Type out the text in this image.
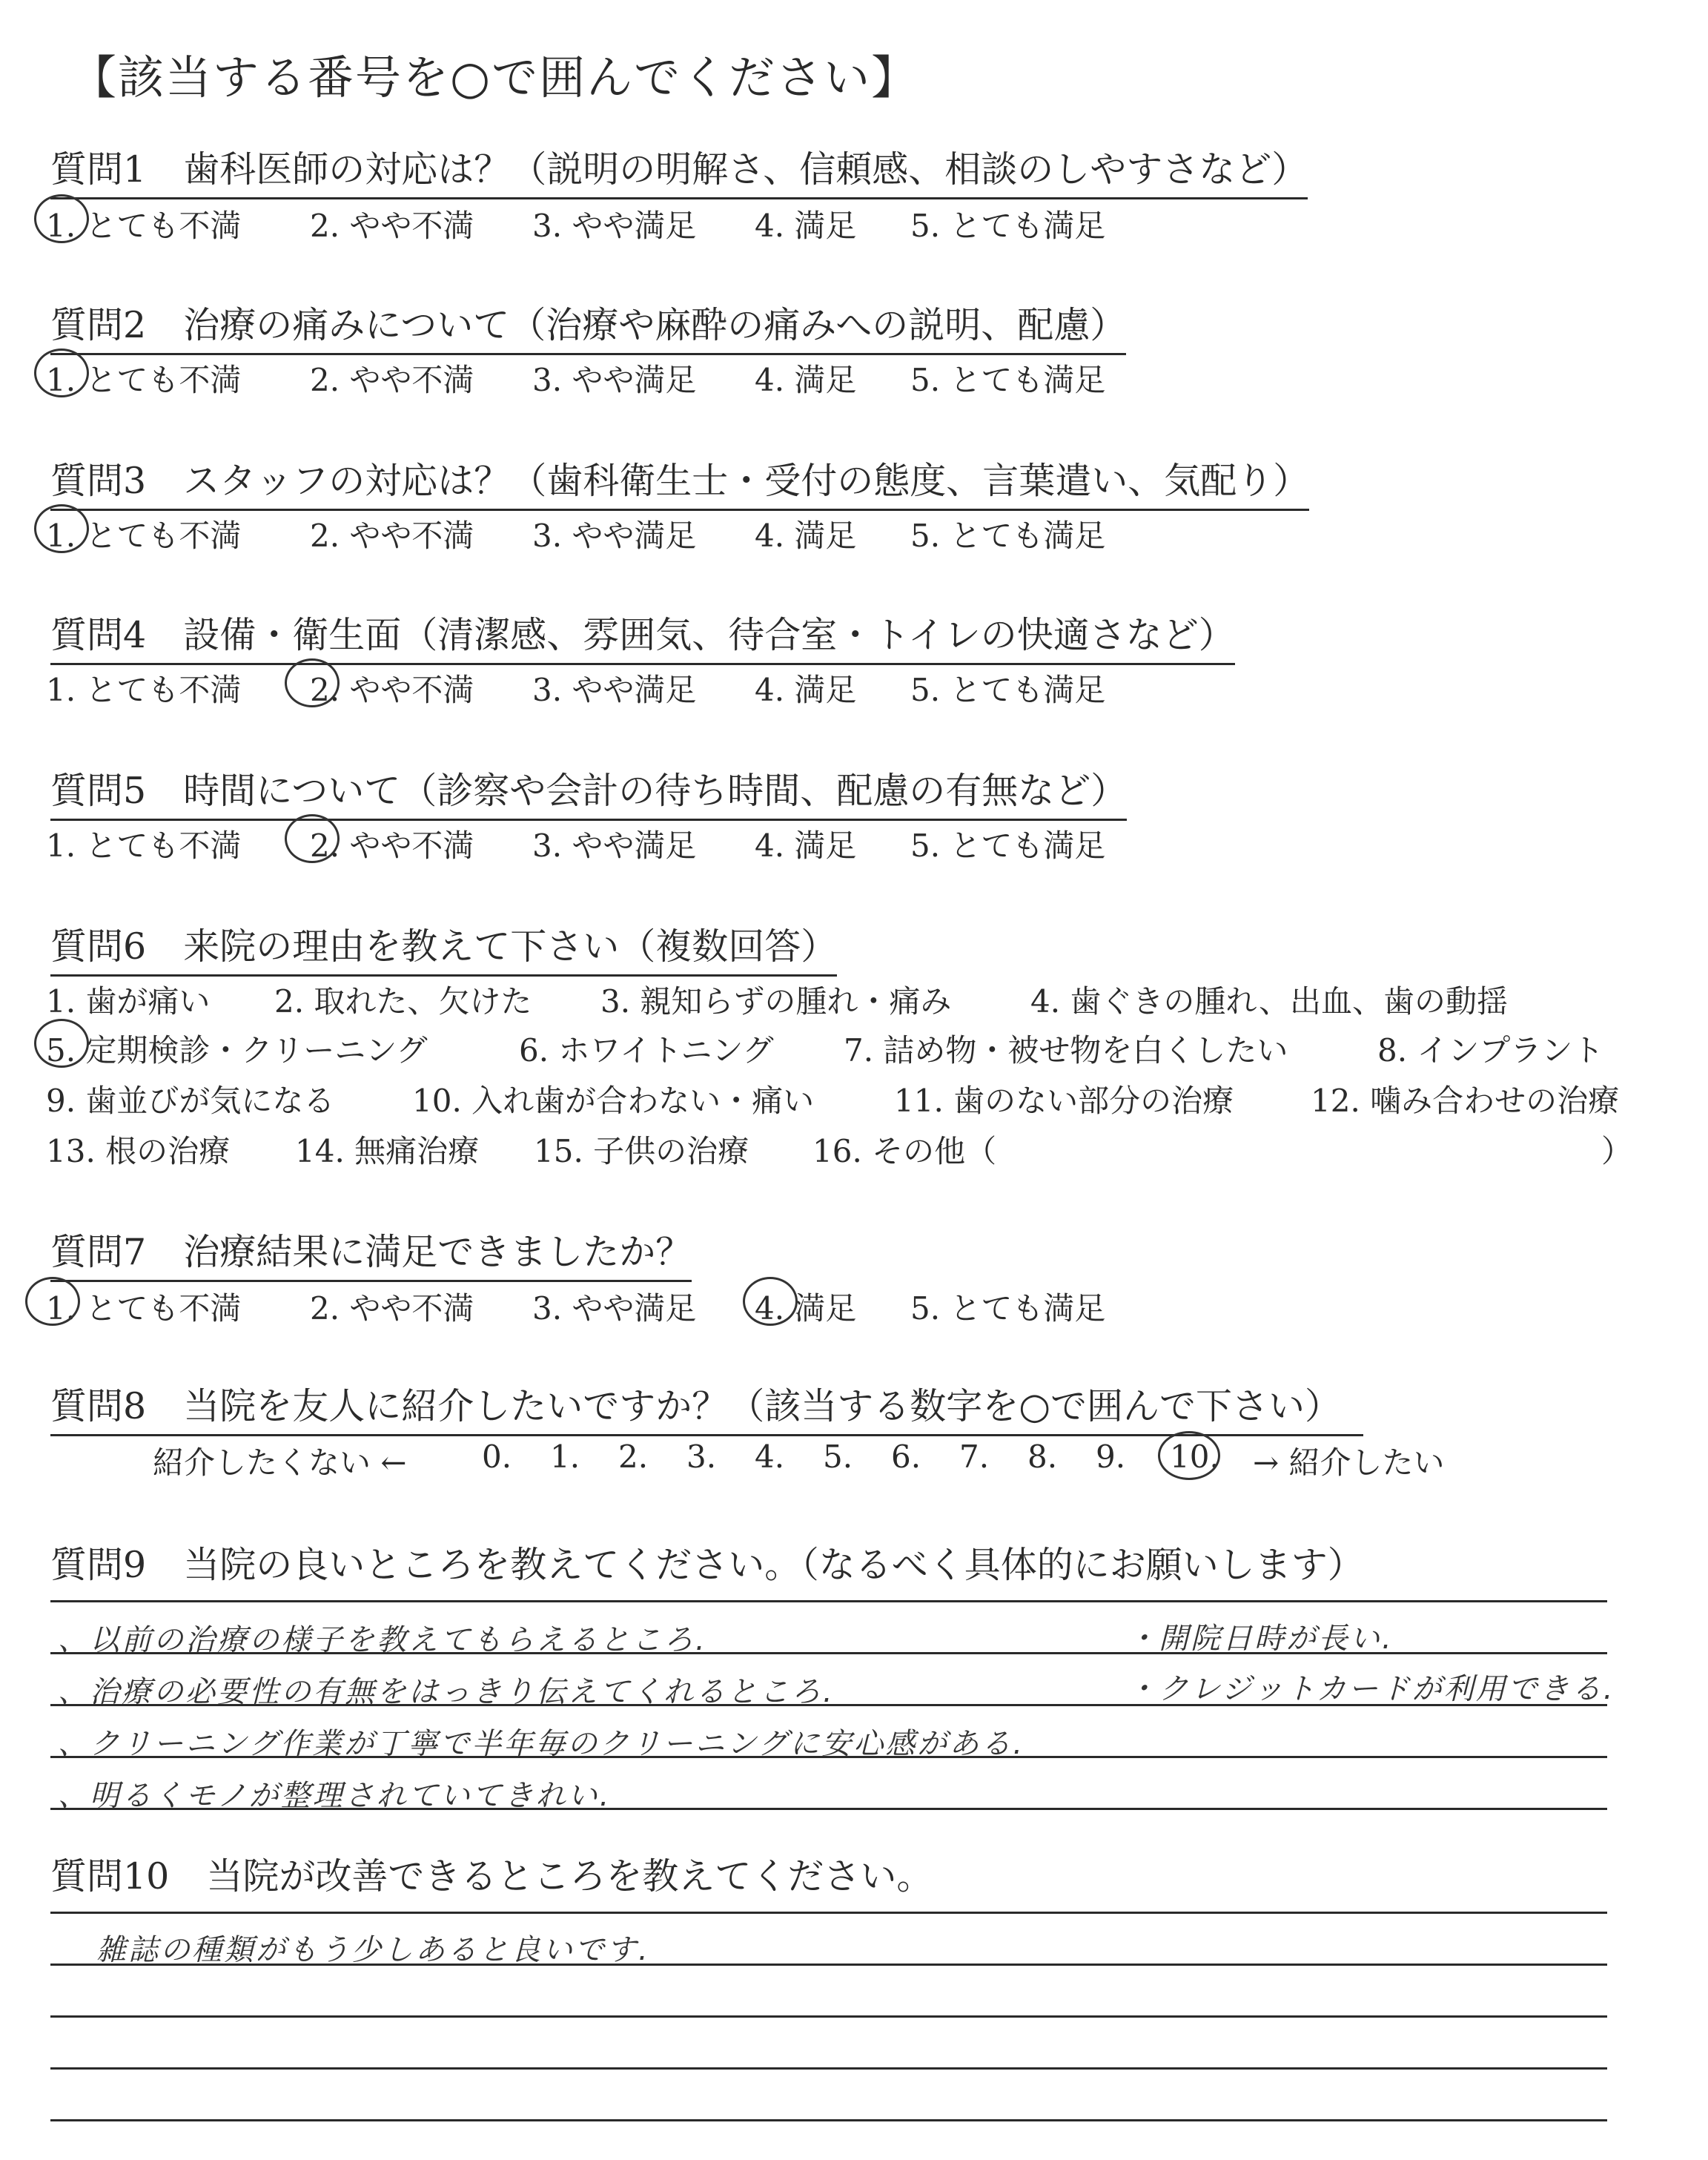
【該当する番号を○で囲んでください】
質問1 歯科医師の対応は？（説明の明解さ、信頼感、相談のしやすさなど）
1. とても不満 2. やや不満 3. やや満足 4. 満足 5. とても満足
質問2 治療の痛みについて（治療や麻酔の痛みへの説明、配慮）
1. とても不満 2. やや不満 3. やや満足 4. 満足 5. とても満足
質問3 スタッフの対応は？（歯科衛生士・受付の態度、言葉遣い、気配り）
1. とても不満 2. やや不満 3. やや満足 4. 満足 5. とても満足
質問4 設備・衛生面（清潔感、雰囲気、待合室・トイレの快適さなど）
1. とても不満 2. やや不満 3. やや満足 4. 満足 5. とても満足
質問5 時間について（診察や会計の待ち時間、配慮の有無など）
1. とても不満 2. やや不満 3. やや満足 4. 満足 5. とても満足
質問6 来院の理由を教えて下さい（複数回答）
1. 歯が痛い 2. 取れた、欠けた 3. 親知らずの腫れ・痛み	4. 歯ぐきの腫れ、出血、歯の動揺
5. 定期検診・クリーニング	6. ホワイトニング 7. 詰め物・被せ物を白くしたい	8. インプラント
9. 歯並びが気になる 10. 入れ歯が合わない・痛い	11. 歯のない部分の治療 12. 噛み合わせの治療
13. 根の治療 14. 無痛治療 15. 子供の治療 16. その他（	）
質問7 治療結果に満足できましたか？
1. とても不満 2. やや不満 3. やや満足 4. 満足 5. とても満足
質問8 当院を友人に紹介したいですか？（該当する数字を○で囲んで下さい）
紹介したくない ← 0. 1. 2. 3. 4. 5. 6. 7. 8. 9. 10. → 紹介したい
質問9 当院の良いところを教えてください。（なるべく具体的にお願いします）
、以前の治療の様子を教えてもらえるところ.	・開院日時が長い.
、治療の必要性の有無をはっきり伝えてくれるところ.	・クレジットカードが利用できる.
、クリーニング作業が丁寧で半年毎のクリーニングに安心感がある.
、明るくモノが整理されていてきれい.
質問10 当院が改善できるところを教えてください。
雑誌の種類がもう少しあると良いです.
